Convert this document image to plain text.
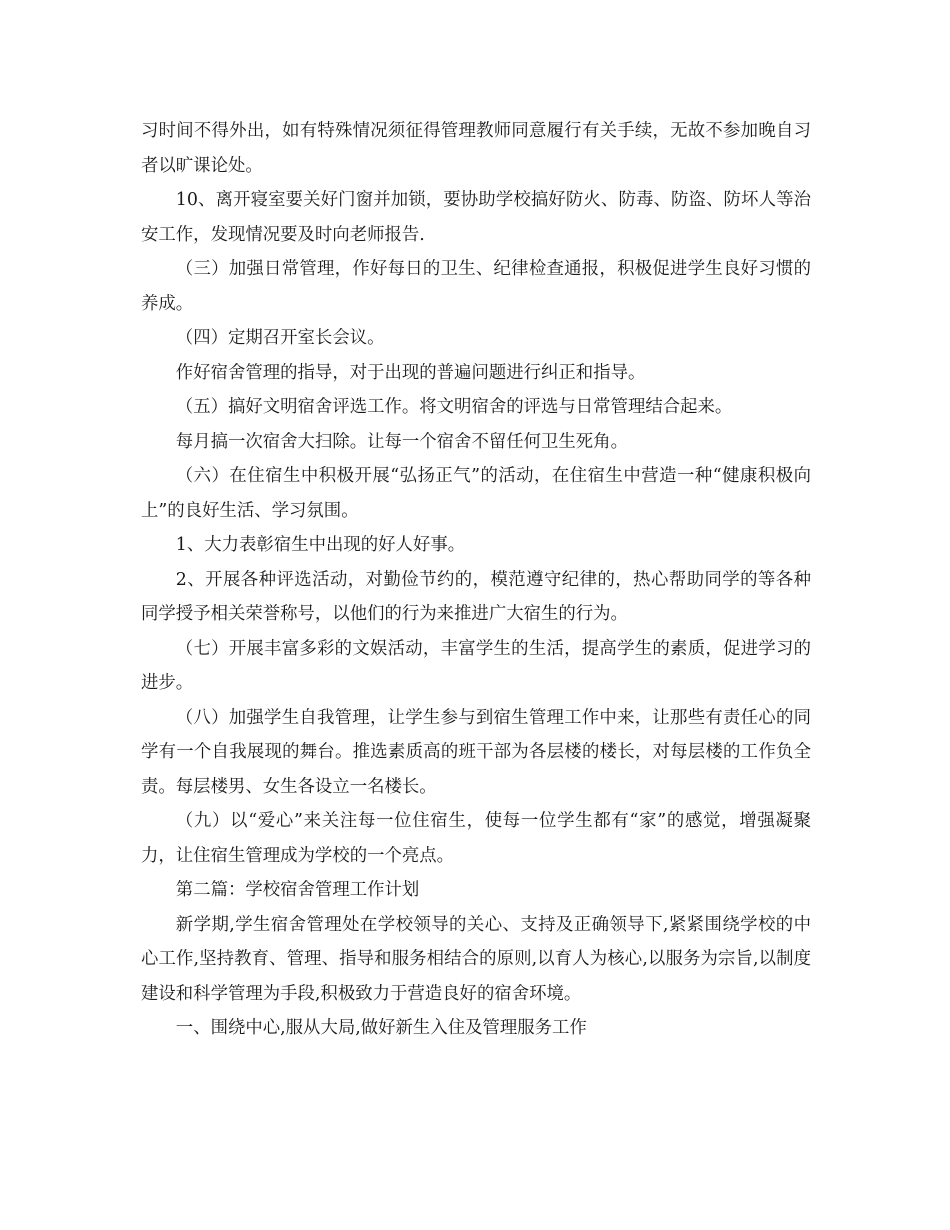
习时间不得外出，如有特殊情况须征得管理教师同意履行有关手续，无故不参加晚自习者以旷课论处。

10、离开寝室要关好门窗并加锁，要协助学校搞好防火、防毒、防盗、防坏人等治安工作，发现情况要及时向老师报告.

（三）加强日常管理，作好每日的卫生、纪律检查通报，积极促进学生良好习惯的养成。

（四）定期召开室长会议。

作好宿舍管理的指导，对于出现的普遍问题进行纠正和指导。

（五）搞好文明宿舍评选工作。将文明宿舍的评选与日常管理结合起来。

每月搞一次宿舍大扫除。让每一个宿舍不留任何卫生死角。

（六）在住宿生中积极开展“弘扬正气”的活动，在住宿生中营造一种“健康积极向上”的良好生活、学习氛围。

1、大力表彰宿生中出现的好人好事。

2、开展各种评选活动，对勤俭节约的，模范遵守纪律的，热心帮助同学的等各种同学授予相关荣誉称号，以他们的行为来推进广大宿生的行为。

（七）开展丰富多彩的文娱活动，丰富学生的生活，提高学生的素质，促进学习的进步。

（八）加强学生自我管理，让学生参与到宿生管理工作中来，让那些有责任心的同学有一个自我展现的舞台。推选素质高的班干部为各层楼的楼长，对每层楼的工作负全责。每层楼男、女生各设立一名楼长。

（九）以“爱心”来关注每一位住宿生，使每一位学生都有“家”的感觉，增强凝聚力，让住宿生管理成为学校的一个亮点。

第二篇：学校宿舍管理工作计划

新学期,学生宿舍管理处在学校领导的关心、支持及正确领导下,紧紧围绕学校的中心工作,坚持教育、管理、指导和服务相结合的原则,以育人为核心,以服务为宗旨,以制度建设和科学管理为手段,积极致力于营造良好的宿舍环境。

一、围绕中心,服从大局,做好新生入住及管理服务工作
